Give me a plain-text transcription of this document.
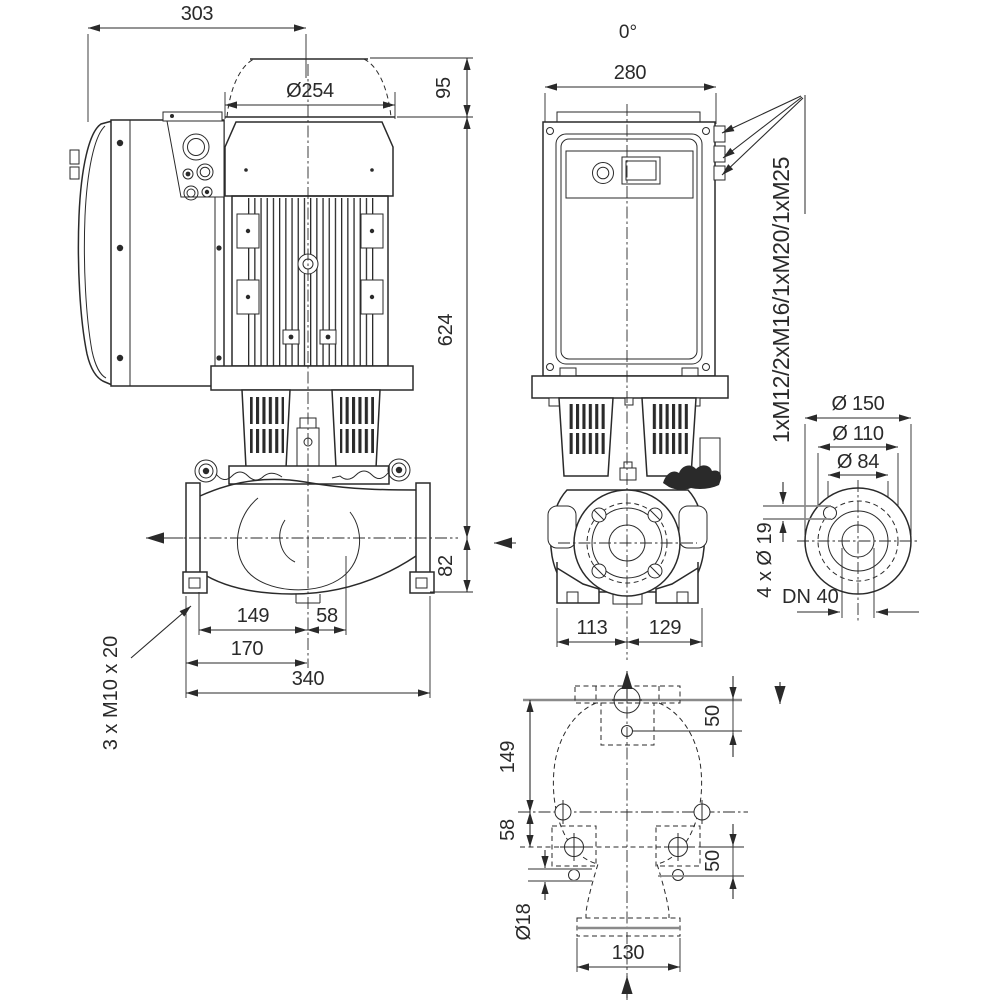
303
Ø254	95
624
82
149 58
170
340
3 x M10 x 20
0°
280
113 129
1xM12/2xM16/1xM20/1xM25 Ø 150
Ø 110
Ø 84
4 x Ø 19 DN 40
149
58
50
50
Ø18
130
